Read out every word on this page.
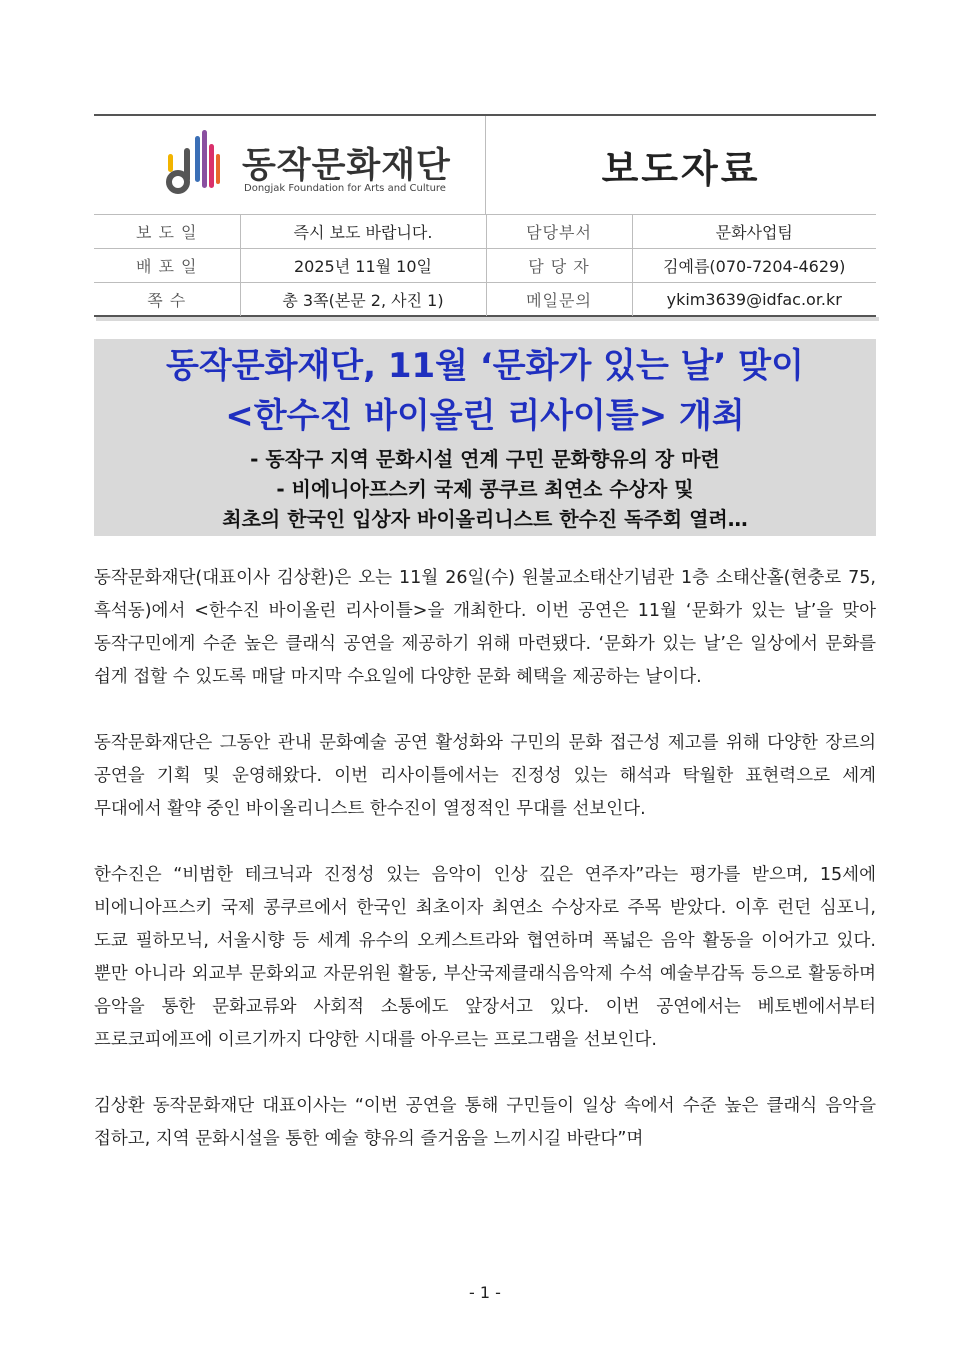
동작문화재단
Dongjak Foundation for Arts and Culture	보도자료
보 도 일	즉시 보도 바랍니다.	담당부서	문화사업팀
배 포 일	2025년 11월 10일	담 당 자	김예름(070-7204-4629)
쪽 수	총 3쪽(본문 2, 사진 1)	메일문의	ykim3639@idfac.or.kr
동작문화재단, 11월 ‘문화가 있는 날’ 맞이
<한수진 바이올린 리사이틀> 개최
- 동작구 지역 문화시설 연계 구민 문화향유의 장 마련
- 비에니아프스키 국제 콩쿠르 최연소 수상자 및
최초의 한국인 입상자 바이올리니스트 한수진 독주회 열려…

동작문화재단(대표이사 김상환)은 오는 11월 26일(수) 원불교소태산기념관 1층 소태산홀(현충로 75, 흑석동)에서 <한수진 바이올린 리사이틀>을 개최한다. 이번 공연은 11월 ‘문화가 있는 날’을 맞아 동작구민에게 수준 높은 클래식 공연을 제공하기 위해 마련됐다. ‘문화가 있는 날’은 일상에서 문화를 쉽게 접할 수 있도록 매달 마지막 수요일에 다양한 문화 혜택을 제공하는 날이다.

동작문화재단은 그동안 관내 문화예술 공연 활성화와 구민의 문화 접근성 제고를 위해 다양한 장르의 공연을 기획 및 운영해왔다. 이번 리사이틀에서는 진정성 있는 해석과 탁월한 표현력으로 세계 무대에서 활약 중인 바이올리니스트 한수진이 열정적인 무대를 선보인다.

한수진은 “비범한 테크닉과 진정성 있는 음악이 인상 깊은 연주자”라는 평가를 받으며, 15세에 비에니아프스키 국제 콩쿠르에서 한국인 최초이자 최연소 수상자로 주목 받았다. 이후 런던 심포니, 도쿄 필하모닉, 서울시향 등 세계 유수의 오케스트라와 협연하며 폭넓은 음악 활동을 이어가고 있다. 뿐만 아니라 외교부 문화외교 자문위원 활동, 부산국제클래식음악제 수석 예술부감독 등으로 활동하며 음악을 통한 문화교류와 사회적 소통에도 앞장서고 있다. 이번 공연에서는 베토벤에서부터 프로코피에프에 이르기까지 다양한 시대를 아우르는 프로그램을 선보인다.

김상환 동작문화재단 대표이사는 “이번 공연을 통해 구민들이 일상 속에서 수준 높은 클래식 음악을 접하고, 지역 문화시설을 통한 예술 향유의 즐거움을 느끼시길 바란다”며

- 1 -
